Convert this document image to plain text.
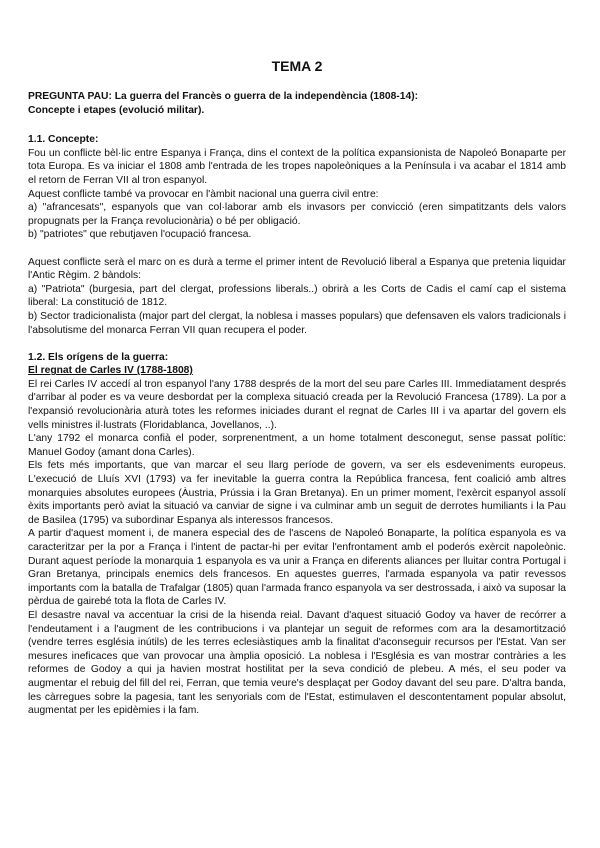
TEMA 2
PREGUNTA PAU: La guerra del Francès o guerra de la independència (1808-14):
Concepte i etapes (evolució militar).
1.1. Concepte:

Fou un conflicte bèl·lic entre Espanya i França, dins el context de la política expansionista de Napoleó Bonaparte per tota Europa. Es va iniciar el 1808 amb l'entrada de les tropes napoleòniques a la Península i va acabar el 1814 amb el retorn de Ferran VII al tron espanyol.

Aquest conflicte també va provocar en l'àmbit nacional una guerra civil entre:

a) "afrancesats", espanyols que van col·laborar amb els invasors per convicció (eren simpatitzants dels valors propugnats per la França revolucionària) o bé per obligació.

b) "patriotes" que rebutjaven l'ocupació francesa.

Aquest conflicte serà el marc on es durà a terme el primer intent de Revolució liberal a Espanya que pretenia liquidar l'Antic Règim. 2 bàndols:

a) "Patriota" (burgesia, part del clergat, professions liberals..) obrirà a les Corts de Cadis el camí cap el sistema liberal: La constitució de 1812.

b) Sector tradicionalista (major part del clergat, la noblesa i masses populars) que defensaven els valors tradicionals i l'absolutisme del monarca Ferran VII quan recupera el poder.

1.2. Els orígens de la guerra:
El regnat de Carles IV (1788-1808)

El rei Carles IV accedí al tron espanyol l'any 1788 després de la mort del seu pare Carles III. Immediatament després d'arribar al poder es va veure desbordat per la complexa situació creada per la Revolució Francesa (1789). La por a l'expansió revolucionària aturà totes les reformes iniciades durant el regnat de Carles III i va apartar del govern els vells ministres il·lustrats (Floridablanca, Jovellanos, ..).

L'any 1792 el monarca confià el poder, sorprenentment, a un home totalment desconegut, sense passat polític: Manuel Godoy (amant dona Carles).

Els fets més importants, que van marcar el seu llarg període de govern, va ser els esdeveniments europeus. L'execució de Lluís XVI (1793) va fer inevitable la guerra contra la República francesa, fent coalició amb altres monarquies absolutes europees (Àustria, Prússia i la Gran Bretanya). En un primer moment, l'exèrcit espanyol assolí èxits importants però aviat la situació va canviar de signe i va culminar amb un seguit de derrotes humiliants i la Pau de Basilea (1795) va subordinar Espanya als interessos francesos.

A partir d'aquest moment i, de manera especial des de l'ascens de Napoleó Bonaparte, la política espanyola es va caracteritzar per la por a França i l'intent de pactar-hi per evitar l'enfrontament amb el poderós exèrcit napoleònic. Durant aquest període la monarquia 1 espanyola es va unir a França en diferents aliances per lluitar contra Portugal i Gran Bretanya, principals enemics dels francesos. En aquestes guerres, l'armada espanyola va patir revessos importants com la batalla de Trafalgar (1805) quan l'armada franco espanyola va ser destrossada, i això va suposar la pèrdua de gairebé tota la flota de Carles IV.

El desastre naval va accentuar la crisi de la hisenda reial. Davant d'aquest situació Godoy va haver de recórrer a l'endeutament i a l'augment de les contribucions i va plantejar un seguit de reformes com ara la desamortització (vendre terres església inútils) de les terres eclesiàstiques amb la finalitat d'aconseguir recursos per l'Estat. Van ser mesures ineficaces que van provocar una àmplia oposició. La noblesa i l'Església es van mostrar contràries a les reformes de Godoy a qui ja havien mostrat hostilitat per la seva condició de plebeu. A més, el seu poder va augmentar el rebuig del fill del rei, Ferran, que temia veure's desplaçat per Godoy davant del seu pare. D'altra banda, les càrregues sobre la pagesia, tant les senyorials com de l'Estat, estimulaven el descontentament popular absolut, augmentat per les epidèmies i la fam.
